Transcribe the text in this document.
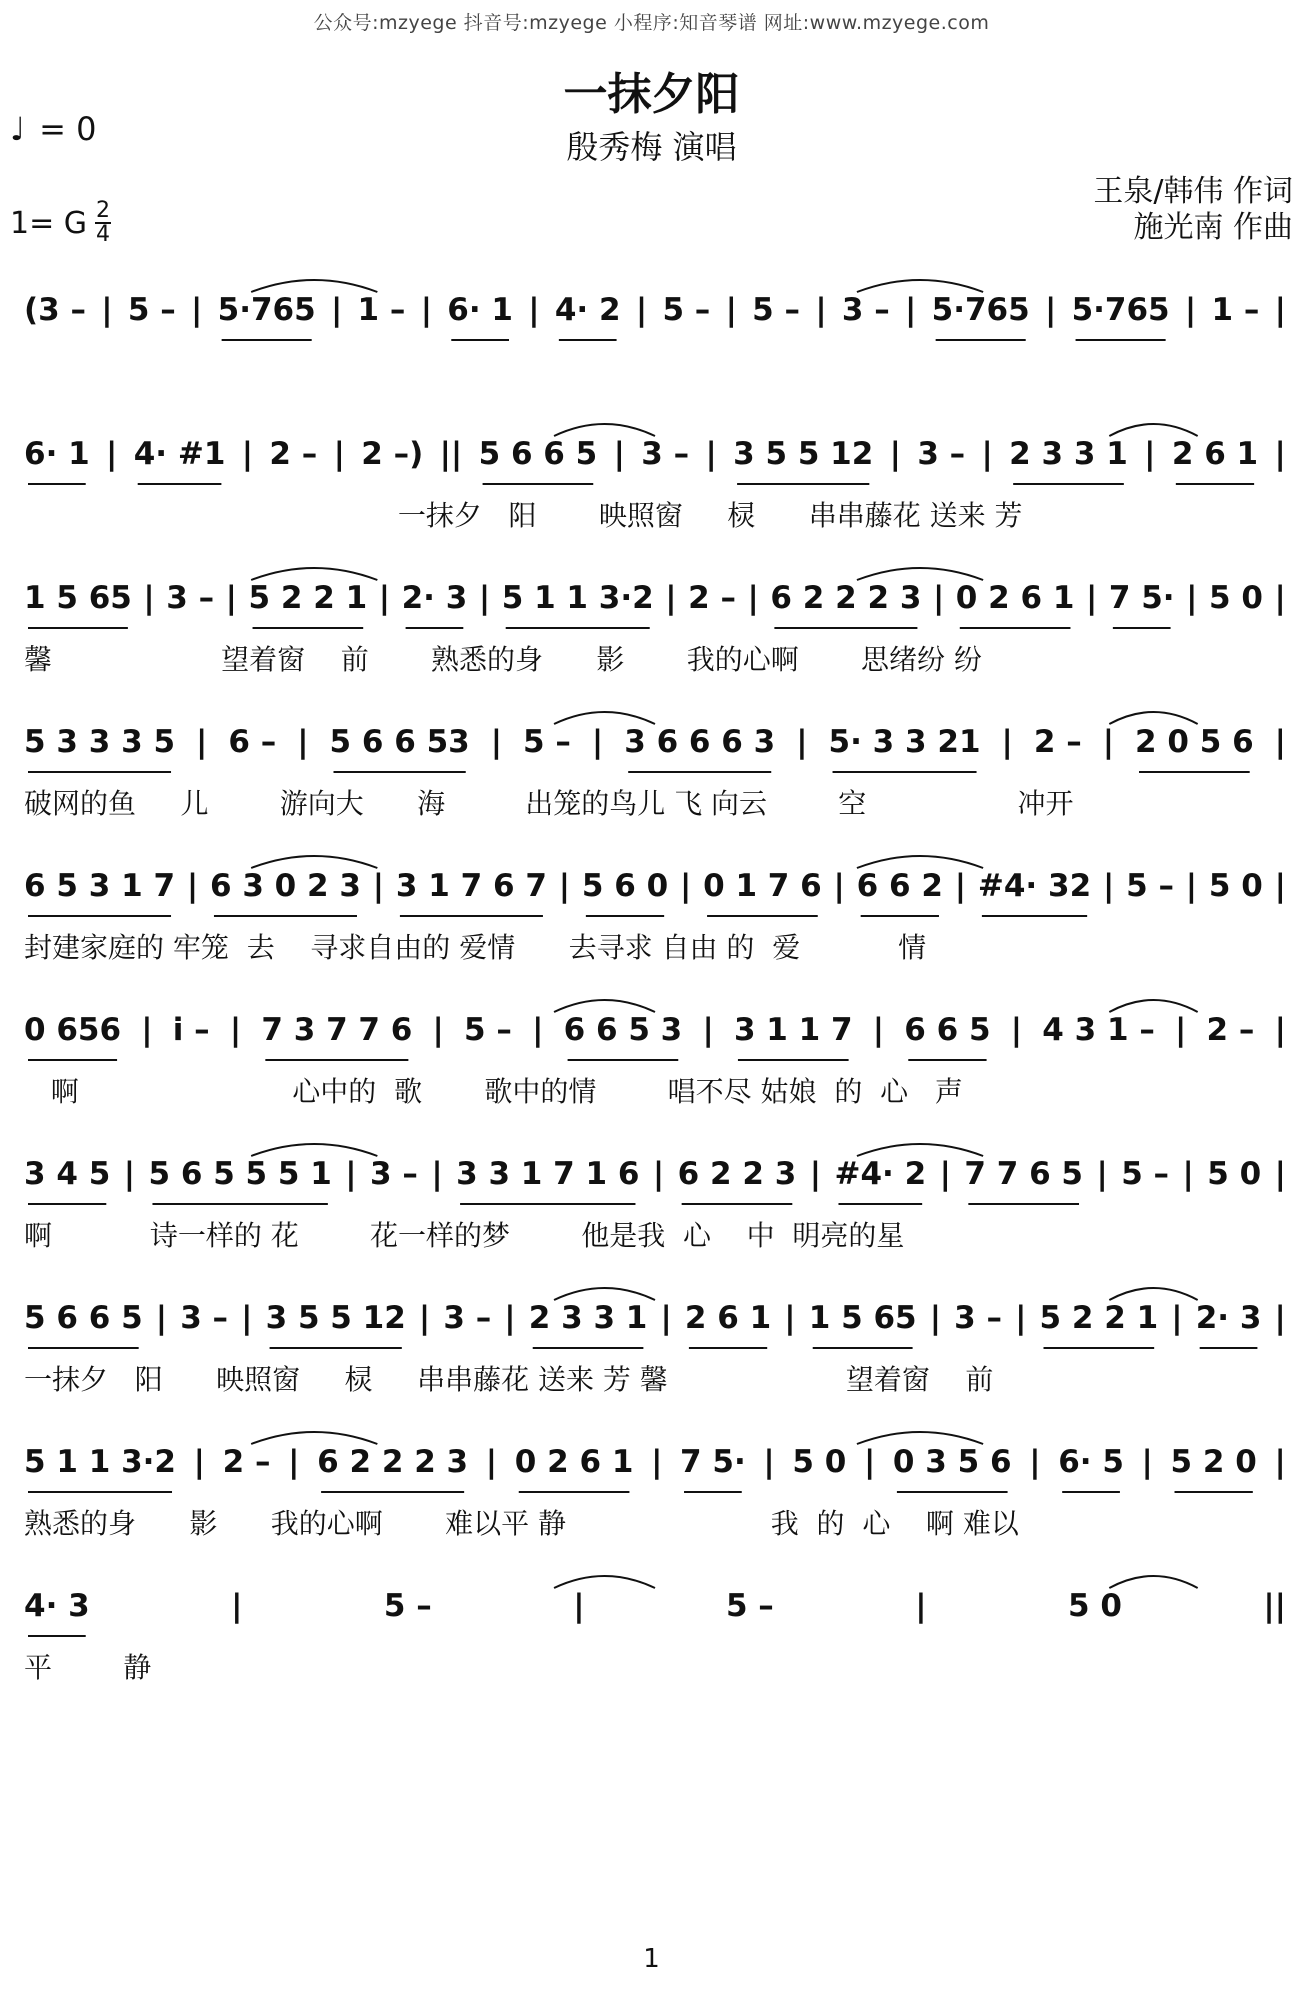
公众号:mzyege 抖音号:mzyege 小程序:知音琴谱 网址:www.mzyege.com
一抹夕阳
殷秀梅 演唱
♩ = 0
1= G $\frac{2}{4}$
王泉/韩伟 作词
施光南 作曲
(3 – | 5 – | 5·765 | 1 – | 6· 1 | 4· 2 | 5 – | 5 – | 3 – | 5·765 | 5·765 | 1 – |
6· 1 | 4· #1 | 2 – | 2 –) || 5 6 6 5 | 3 – | 3 5 5 12 | 3 – | 2 3 3 1 | 2 6 1 |
一抹夕   阳       映照窗     棂      串串藤花 送来 芳
1 5 65 | 3 – | 5 2 2 1 | 2· 3 | 5 1 1 3·2 | 2 – | 6 2 2 2 3 | 0 2 6 1 | 7 5· | 5 0 |
馨                   望着窗    前       熟悉的身      影       我的心啊       思绪纷 纷
5 3 3 3 5 | 6 – | 5 6 6 53 | 5 – | 3 6 6 6 3 | 5· 3 3 21 | 2 – | 2 0 5 6 |
破网的鱼     儿        游向大      海         出笼的鸟儿 飞 向云        空                 冲开
6 5 3 1 7 | 6 3 0 2 3 | 3 1 7 6 7 | 5 6 0 | 0 1 7 6 | 6 6 2 | #4· 32 | 5 – | 5 0 |
封建家庭的 牢笼  去    寻求自由的 爱情      去寻求 自由 的  爱           情
0 656 | i – | 7 3 7 7 6 | 5 – | 6 6 5 3 | 3 1 1 7 | 6 6 5 | 4 3 1 – | 2 – |
啊                        心中的  歌       歌中的情        唱不尽 姑娘  的  心   声
3 4 5 | 5 6 5 5 5 1 | 3 – | 3 3 1 7 1 6 | 6 2 2 3 | #4· 2 | 7 7 6 5 | 5 – | 5 0 |
啊           诗一样的 花        花一样的梦        他是我  心    中  明亮的星
5 6 6 5 | 3 – | 3 5 5 12 | 3 – | 2 3 3 1 | 2 6 1 | 1 5 65 | 3 – | 5 2 2 1 | 2· 3 |
一抹夕   阳      映照窗     棂     串串藤花 送来 芳 馨                    望着窗    前
5 1 1 3·2 | 2 – | 6 2 2 2 3 | 0 2 6 1 | 7 5· | 5 0 | 0 3 5 6 | 6· 5 | 5 2 0 |
熟悉的身      影      我的心啊       难以平 静                       我  的  心    啊 难以
4· 3	|	5 –	|	5 –	|	5 0	||
平        静
1
